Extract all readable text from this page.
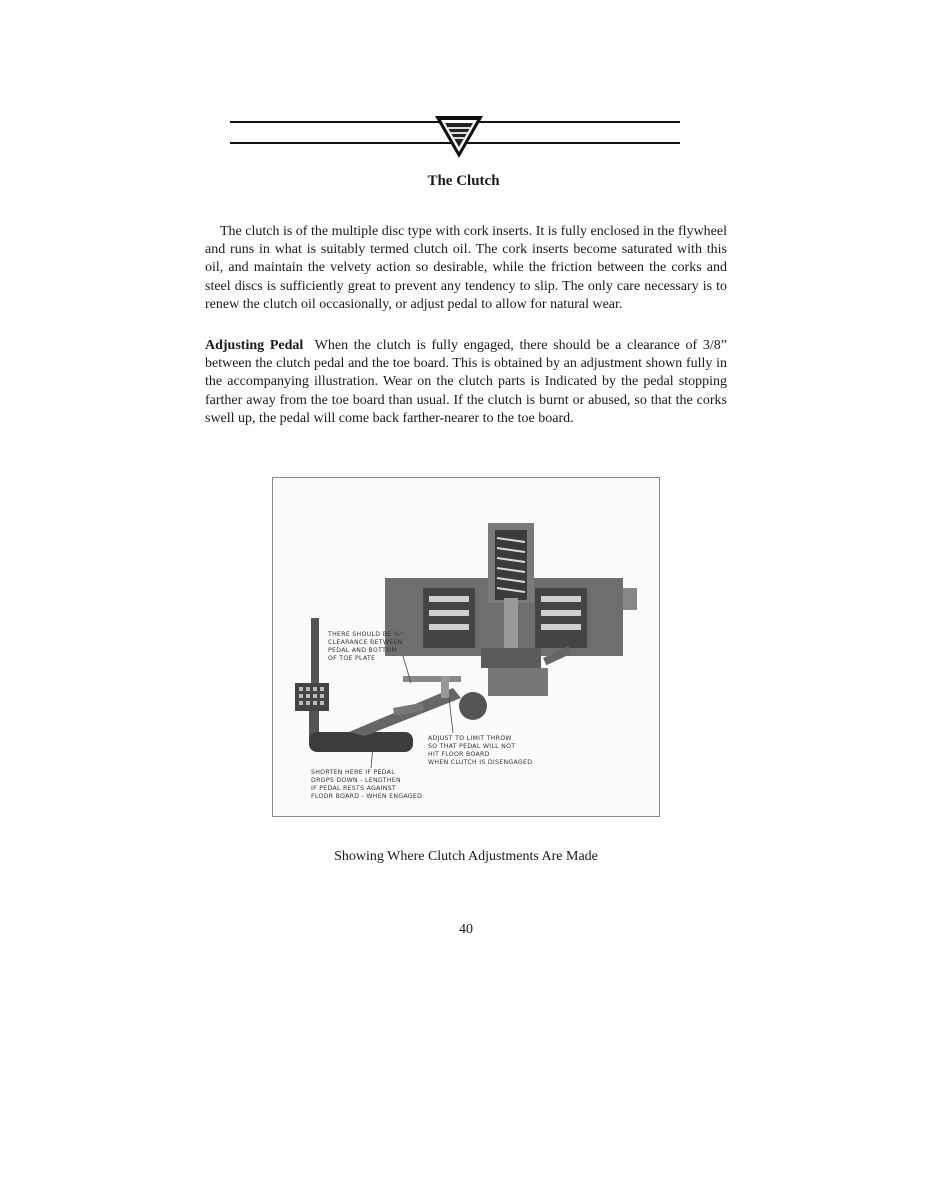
The Clutch

The clutch is of the multiple disc type with cork inserts. It is fully enclosed in the flywheel and runs in what is suitably termed clutch oil. The cork inserts become saturated with this oil, and maintain the velvety action so desirable, while the friction between the corks and steel discs is sufficiently great to prevent any tendency to slip. The only care necessary is to renew the clutch oil occasionally, or adjust pedal to allow for natural wear.

Adjusting Pedal When the clutch is fully engaged, there should be a clearance of 3/8” between the clutch pedal and the toe board. This is obtained by an adjustment shown fully in the accompanying illustration. Wear on the clutch parts is Indicated by the pedal stopping farther away from the toe board than usual. If the clutch is burnt or abused, so that the corks swell up, the pedal will come back farther-nearer to the toe board.

THERE SHOULD BE ⅜”
CLEARANCE BETWEEN
PEDAL AND BOTTOM
OF TOE PLATE
ADJUST TO LIMIT THROW
SO THAT PEDAL WILL NOT
HIT FLOOR BOARD
WHEN CLUTCH IS DISENGAGED
SHORTEN HERE IF PEDAL
DROPS DOWN - LENGTHEN
IF PEDAL RESTS AGAINST
FLOOR BOARD - WHEN ENGAGED
Showing Where Clutch Adjustments Are Made
40
